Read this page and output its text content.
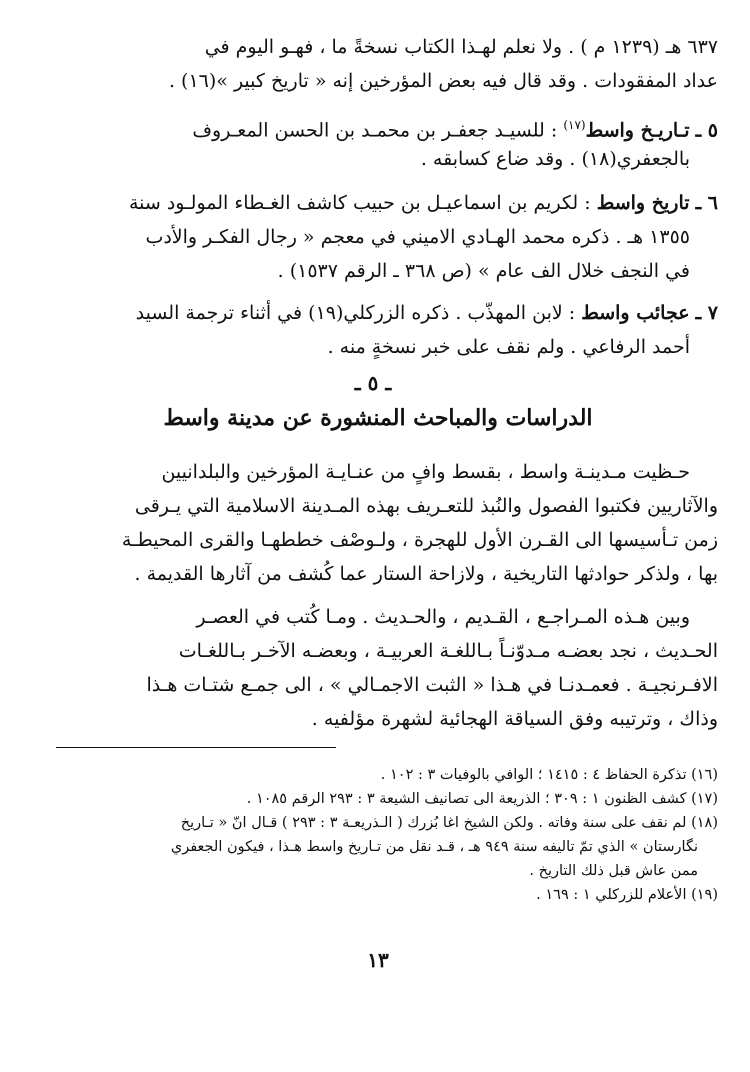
٦٣٧ هـ (١٢٣٩ م ) . ولا نعلم لهـذا الكتاب نسخةً ما ، فهـو اليوم في
عداد المفقودات . وقد قال فيه بعض المؤرخين إنه « تاريخ كبير »(١٦) .
٥ ـ تـاريـخ واسط$^{(١٧)}$ : للسيـد جعفـر بن محمـد بن الحسن المعـروف
بالجعفري(١٨) . وقد ضاع كسابقه .
٦ ـ تاريخ واسط : لكريم بن اسماعيـل بن حبيب كاشف الغـطاء المولـود سنة
١٣٥٥ هـ . ذكره محمد الهـادي الاميني في معجم « رجال الفكـر والأدب
في النجف خلال الف عام » (ص ٣٦٨ ـ الرقم ١٥٣٧) .
٧ ـ عجائب واسط : لابن المهذّب . ذكره الزركلي(١٩) في أثناء ترجمة السيد
أحمد الرفاعي . ولم نقف على خبر نسخةٍ منه .
ـ ٥ ـ
الدراسات والمباحث المنشورة عن مدينة واسط
حـظيت مـدينـة واسط ، بقسط وافٍ من عنـايـة المؤرخين والبلدانيين
والآثاريين فكتبوا الفصول والنُبذ للتعـريف بهذه المـدينة الاسلامية التي يـرقى
زمن تـأسيسها الى القـرن الأول للهجرة ، ولـوصْف خططهـا والقرى المحيطـة
بها ، ولذكر حوادثها التاريخية ، ولازاحة الستار عما كُشف من آثارها القديمة .
وبين هـذه المـراجـع ، القـديم ، والحـديث . ومـا كُتب في العصـر
الحـديث ، نجد بعضـه مـدوّنـاً بـاللغـة العربيـة ، وبعضـه الآخـر بـاللغـات
الافـرنجيـة . فعمـدنـا في هـذا « الثبت الاجمـالي » ، الى جمـع شتـات هـذا
وذاك ، وترتيبه وفق السياقة الهجائية لشهرة مؤلفيه .
(١٦) تذكرة الحفاظ ٤ : ١٤١٥ ؛ الوافي بالوفيات ٣ : ١٠٢ .
(١٧) كشف الظنون ١ : ٣٠٩ ؛ الذريعة الى تصانيف الشيعة ٣ : ٢٩٣ الرقم ١٠٨٥ .
(١٨) لم نقف على سنة وفاته . ولكن الشيخ اغا بُزرك ( الـذريعـة ٣ : ٢٩٣ ) قـال انّ « تـاريخ
نگارستان » الذي تمّ تاليفه سنة ٩٤٩ هـ ، قـد نقل من تـاريخ واسط هـذا ، فيكون الجعفري
ممن عاش قبل ذلك التاريخ .
(١٩) الأعلام للزركلي ١ : ١٦٩ .
١٣
